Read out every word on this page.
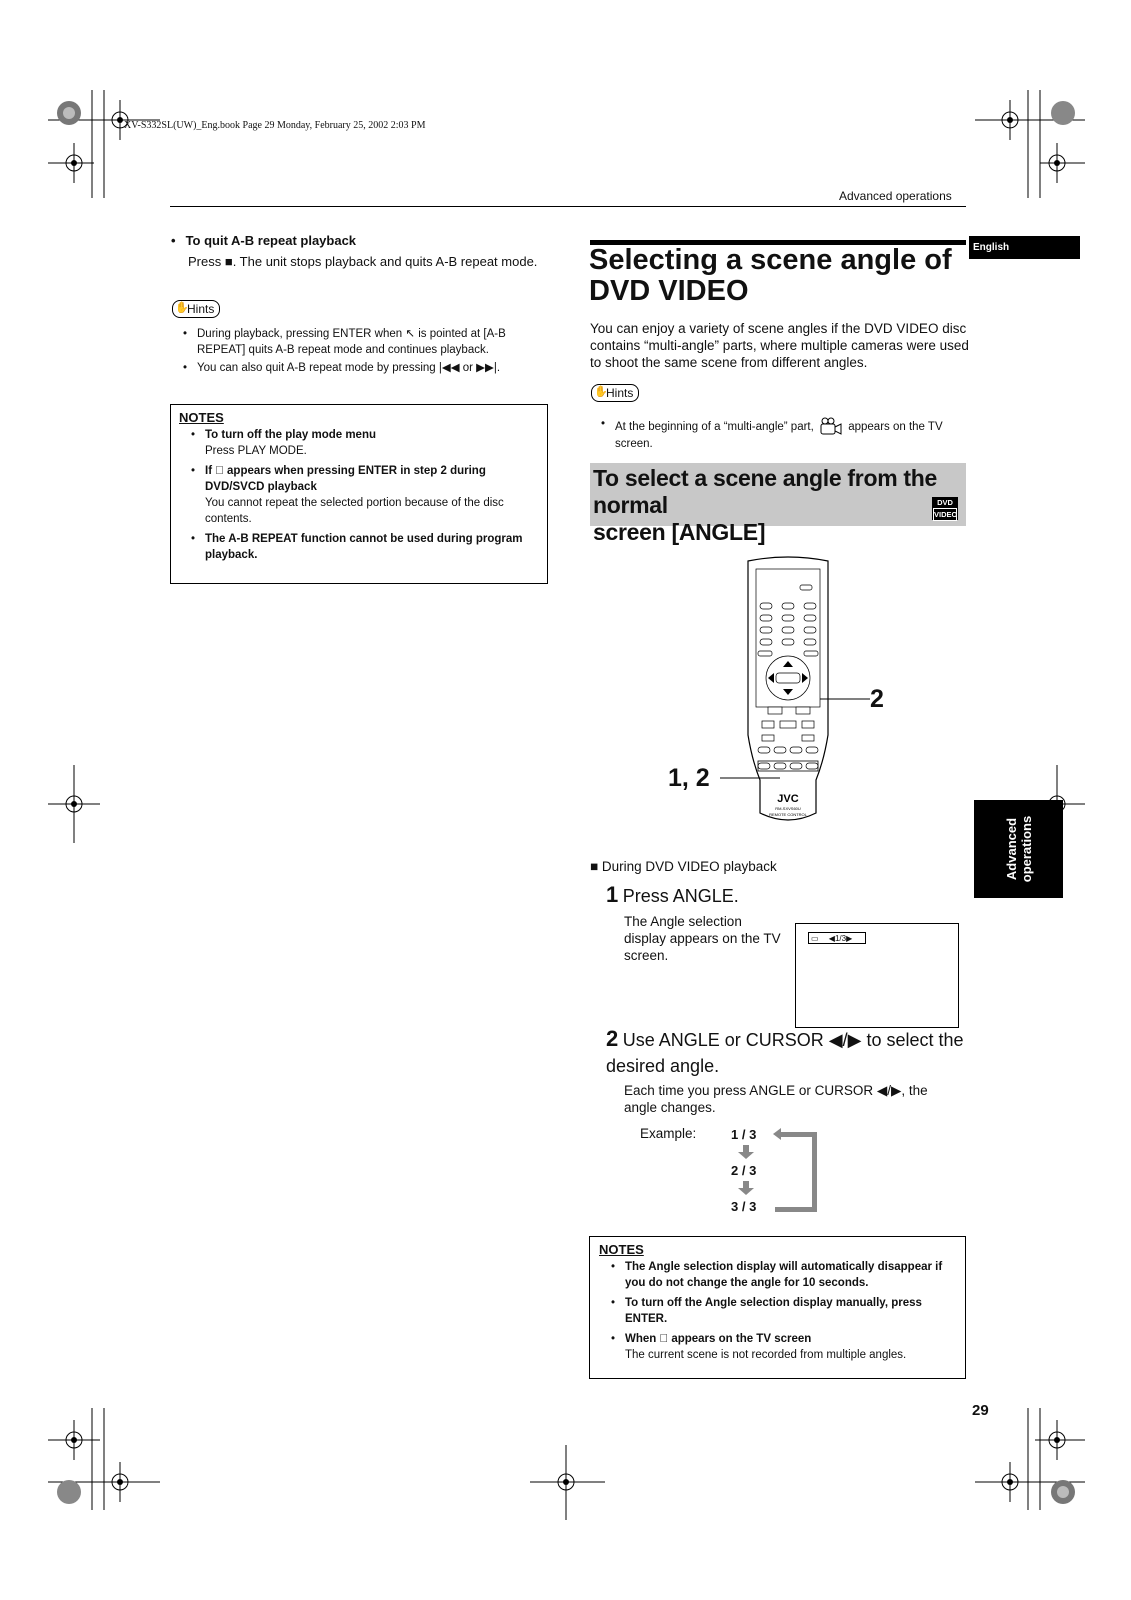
XV-S332SL(UW)_Eng.book Page 29 Monday, February 25, 2002 2:03 PM
Advanced operations
English
Advanced operations
• To quit A-B repeat playback
Press ■. The unit stops playback and quits A-B repeat mode.
✋
Hints
• During playback, pressing ENTER when ↖ is pointed at [A-B REPEAT] quits A-B repeat mode and continues playback.
• You can also quit A-B repeat mode by pressing |◀◀ or ▶▶|.
NOTES
• To turn off the play mode menu
Press PLAY MODE.
• If ⃠ appears when pressing ENTER in step 2 during DVD/SVCD playback
You cannot repeat the selected portion because of the disc contents.
• The A-B REPEAT function cannot be used during program playback.
Selecting a scene angle of
DVD VIDEO
You can enjoy a variety of scene angles if the DVD VIDEO disc contains “multi-angle” parts, where multiple cameras were used to shoot the same scene from different angles.
✋
Hints
• At the beginning of a “multi-angle” part,	appears on the TV screen.
To select a scene angle from the normal
screen [ANGLE]
DVD
VIDEO
JVC
RM-SXVS60U
REMOTE CONTROL
2
1, 2
■ During DVD VIDEO playback
1 Press ANGLE.
The Angle selection display appears on the TV screen.
▭ ◀1/3▶
2 Use ANGLE or CURSOR ◀/▶ to select the desired angle.
Each time you press ANGLE or CURSOR ◀/▶, the angle changes.
Example:	1 / 3
2 / 3
3 / 3
NOTES
• The Angle selection display will automatically disappear if you do not change the angle for 10 seconds.
• To turn off the Angle selection display manually, press ENTER.
• When ⃠ appears on the TV screen
The current scene is not recorded from multiple angles.
29
